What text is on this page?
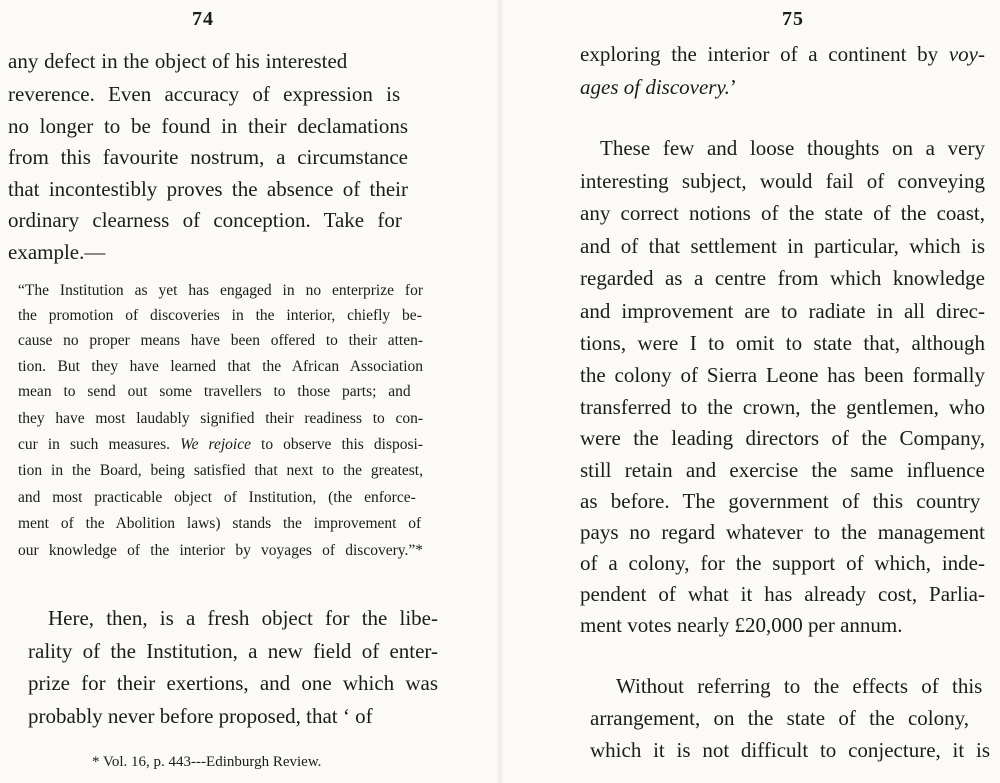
74
any defect in the object of his interested
reverence. Even accuracy of expression is
no longer to be found in their declamations
from this favourite nostrum, a circumstance
that incontestibly proves the absence of their
ordinary clearness of conception. Take for
example.—
“The Institution as yet has engaged in no enterprize for
the promotion of discoveries in the interior, chiefly be-
cause no proper means have been offered to their atten-
tion. But they have learned that the African Association
mean to send out some travellers to those parts; and
they have most laudably signified their readiness to con-
cur in such measures. We rejoice to observe this disposi-
tion in the Board, being satisfied that next to the greatest,
and most practicable object of Institution, (the enforce-
ment of the Abolition laws) stands the improvement of
our knowledge of the interior by voyages of discovery.”*
Here, then, is a fresh object for the libe-
rality of the Institution, a new field of enter-
prize for their exertions, and one which was
probably never before proposed, that ‘ of
* Vol. 16, p. 443---Edinburgh Review.
75
exploring the interior of a continent by voy-
ages of discovery.’
These few and loose thoughts on a very
interesting subject, would fail of conveying
any correct notions of the state of the coast,
and of that settlement in particular, which is
regarded as a centre from which knowledge
and improvement are to radiate in all direc-
tions, were I to omit to state that, although
the colony of Sierra Leone has been formally
transferred to the crown, the gentlemen, who
were the leading directors of the Company,
still retain and exercise the same influence
as before. The government of this country
pays no regard whatever to the management
of a colony, for the support of which, inde-
pendent of what it has already cost, Parlia-
ment votes nearly £20,000 per annum.
Without referring to the effects of this
arrangement, on the state of the colony,
which it is not difficult to conjecture, it is
